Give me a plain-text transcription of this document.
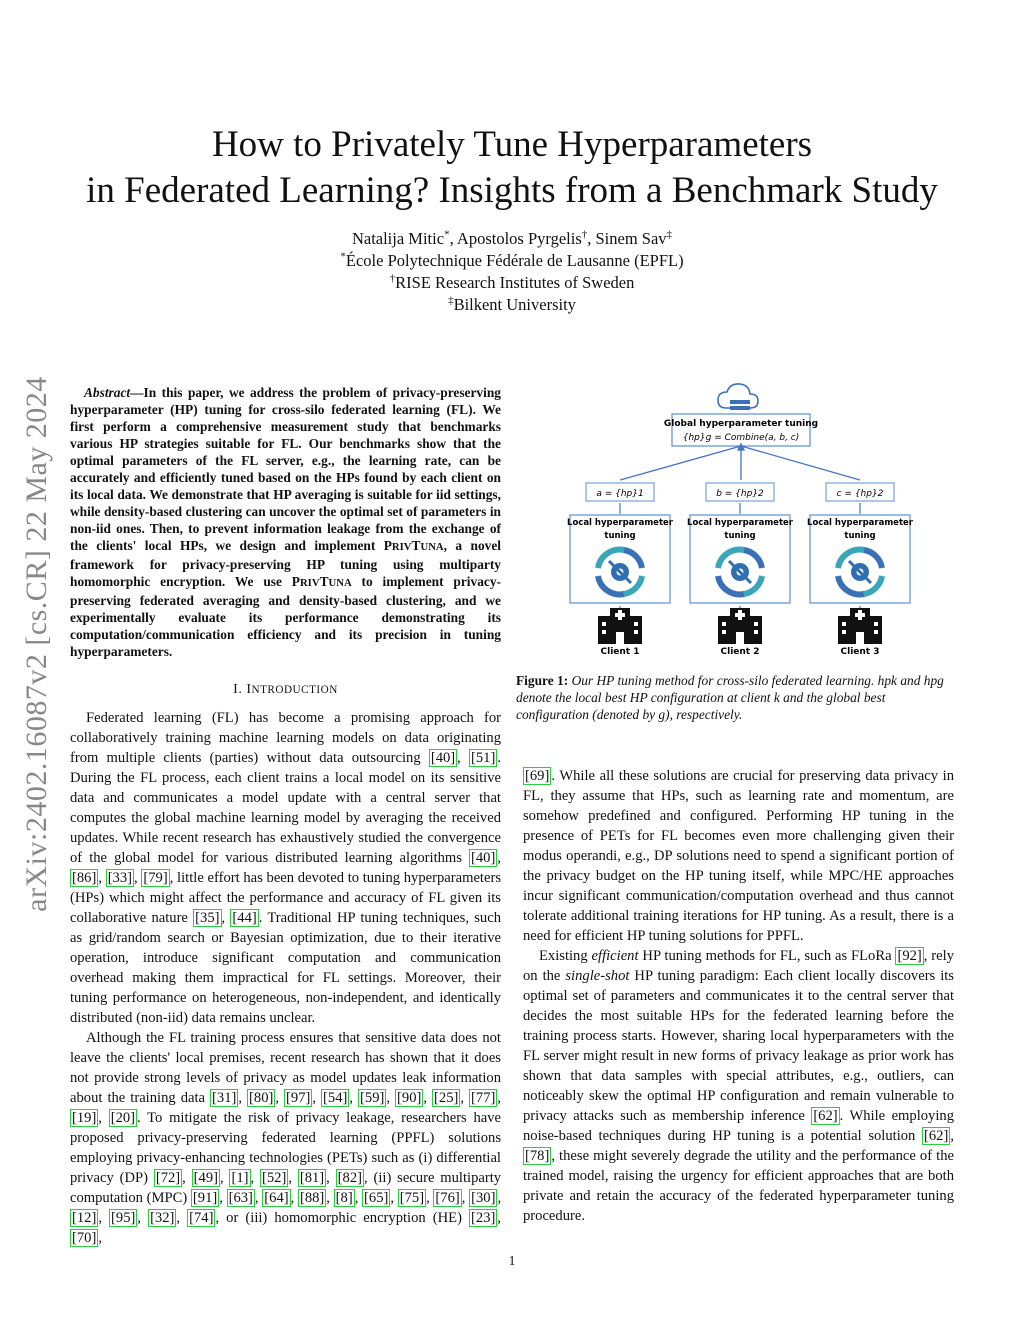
arXiv:2402.16087v2 [cs.CR] 22 May 2024
How to Privately Tune Hyperparameters
in Federated Learning? Insights from a Benchmark Study
Natalija Mitic*, Apostolos Pyrgelis†, Sinem Sav‡
*École Polytechnique Fédérale de Lausanne (EPFL)
†RISE Research Institutes of Sweden
‡Bilkent University

Abstract—In this paper, we address the problem of privacy-preserving hyperparameter (HP) tuning for cross-silo federated learning (FL). We first perform a comprehensive measurement study that benchmarks various HP strategies suitable for FL. Our benchmarks show that the optimal parameters of the FL server, e.g., the learning rate, can be accurately and efficiently tuned based on the HPs found by each client on its local data. We demonstrate that HP averaging is suitable for iid settings, while density-based clustering can uncover the optimal set of parameters in non-iid ones. Then, to prevent information leakage from the exchange of the clients' local HPs, we design and implement PRIVTUNA, a novel framework for privacy-preserving HP tuning using multiparty homomorphic encryption. We use PRIVTUNA to implement privacy-preserving federated averaging and density-based clustering, and we experimentally evaluate its performance demonstrating its computation/communication efficiency and its precision in tuning hyperparameters.

I. INTRODUCTION

Federated learning (FL) has become a promising approach for collaboratively training machine learning models on data originating from multiple clients (parties) without data outsourcing [40] , [51] . During the FL process, each client trains a local model on its sensitive data and communicates a model update with a central server that computes the global machine learning model by averaging the received updates. While recent research has exhaustively studied the convergence of the global model for various distributed learning algorithms [40] , [86] , [33] , [79] , little effort has been devoted to tuning hyperparameters (HPs) which might affect the performance and accuracy of FL given its collaborative nature [35] , [44] . Traditional HP tuning techniques, such as grid/random search or Bayesian optimization, due to their iterative operation, introduce significant computation and communication overhead making them impractical for FL settings. Moreover, their tuning performance on heterogeneous, non-independent, and identically distributed (non-iid) data remains unclear.

Although the FL training process ensures that sensitive data does not leave the clients' local premises, recent research has shown that it does not provide strong levels of privacy as model updates leak information about the training data [31] , [80] , [97] , [54] , [59] , [90] , [25] , [77] , [19] , [20] . To mitigate the risk of privacy leakage, researchers have proposed privacy-preserving federated learning (PPFL) solutions employing privacy-enhancing technologies (PETs) such as (i) differential privacy (DP) [72] , [49] , [1] , [52] , [81] , [82] , (ii) secure multiparty computation (MPC) [91] , [63] , [64] , [88] , [8] , [65] , [75] , [76] , [30] , [12] , [95] , [32] , [74] , or (iii) homomorphic encryption (HE) [23] , [70] ,

Global hyperparameter tuning
{hp}g = Combine(a, b, c)
a = {hp}1	b = {hp}2	c = {hp}2
Local hyperparameter
tuning
Local hyperparameter
tuning
Local hyperparameter
tuning
Client 1	Client 2	Client 3
Figure 1: Our HP tuning method for cross-silo federated learning. hpk and hpg denote the local best HP configuration at client k and the global best configuration (denoted by g), respectively.

[69] . While all these solutions are crucial for preserving data privacy in FL, they assume that HPs, such as learning rate and momentum, are somehow predefined and configured. Performing HP tuning in the presence of PETs for FL becomes even more challenging given their modus operandi, e.g., DP solutions need to spend a significant portion of the privacy budget on the HP tuning itself, while MPC/HE approaches incur significant communication/computation overhead and thus cannot tolerate additional training iterations for HP tuning. As a result, there is a need for efficient HP tuning solutions for PPFL.

Existing efficient HP tuning methods for FL, such as FLoRa [92] , rely on the single-shot HP tuning paradigm: Each client locally discovers its optimal set of parameters and communicates it to the central server that decides the most suitable HPs for the federated learning before the training process starts. However, sharing local hyperparameters with the FL server might result in new forms of privacy leakage as prior work has shown that data samples with special attributes, e.g., outliers, can noticeably skew the optimal HP configuration and remain vulnerable to privacy attacks such as membership inference [62] . While employing noise-based techniques during HP tuning is a potential solution [62] , [78] , these might severely degrade the utility and the performance of the trained model, raising the urgency for efficient approaches that are both private and retain the accuracy of the federated hyperparameter tuning procedure.

1
